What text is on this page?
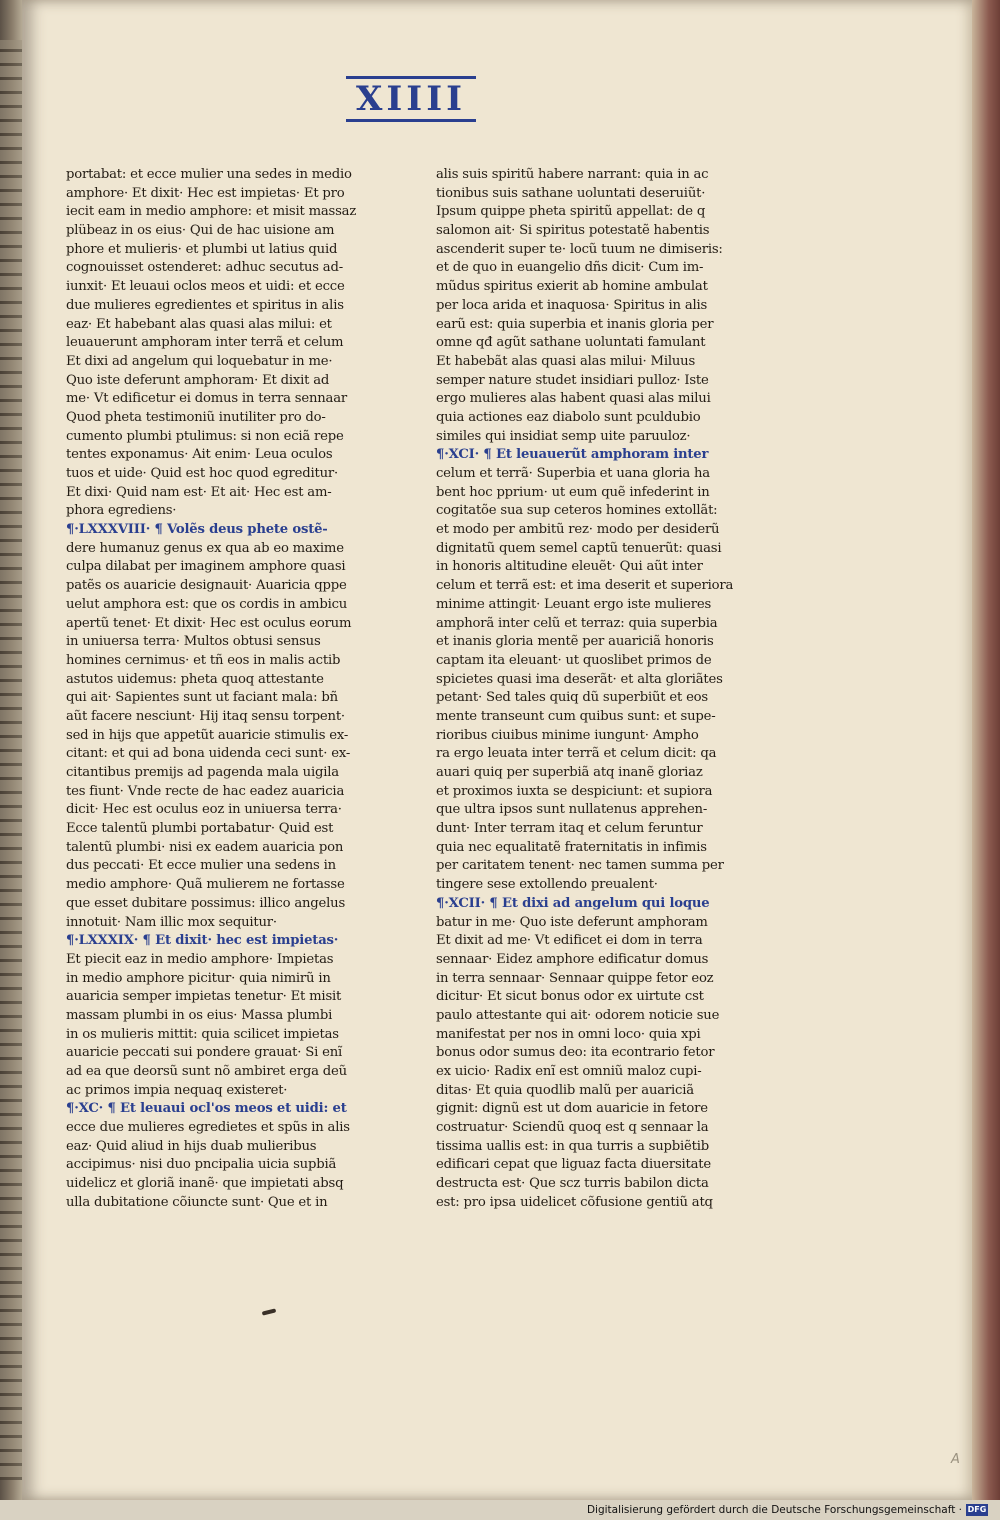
XIIII
portabat: et ecce mulier una sedes in medio
amphore· Et dixit· Hec est impietas· Et pro
iecit eam in medio amphore: et misit massaz
plübeaz in os eius· Qui de hac uisione am
phore et mulieris· et plumbi ut latius quid
cognouisset ostenderet: adhuc secutus ad-
iunxit· Et leuaui oclos meos et uidi: et ecce
due mulieres egredientes et spiritus in alis
eaz· Et habebant alas quasi alas milui: et
leuauerunt amphoram inter terrã et celum
Et dixi ad angelum qui loquebatur in me·
Quo iste deferunt amphoram· Et dixit ad
me· Vt edificetur ei domus in terra sennaar
Quod pheta testimoniũ inutiliter pro do-
cumento plumbi ptulimus: si non eciã repe
tentes exponamus· Ait enim· Leua oculos
tuos et uide· Quid est hoc quod egreditur·
Et dixi· Quid nam est· Et ait· Hec est am-
phora egrediens·
¶·LXXXVIII· ¶ Volẽs deus phete ostẽ-
dere humanuz genus ex qua ab eo maxime
culpa dilabat per imaginem amphore quasi
patẽs os auaricie designauit· Auaricia qppe
uelut amphora est: que os cordis in ambicu
apertũ tenet· Et dixit· Hec est oculus eorum
in uniuersa terra· Multos obtusi sensus
homines cernimus· et tñ eos in malis actib
astutos uidemus: pheta quoq attestante
qui ait· Sapientes sunt ut faciant mala: bñ
aũt facere nesciunt· Hij itaq sensu torpent·
sed in hijs que appetũt auaricie stimulis ex-
citant: et qui ad bona uidenda ceci sunt· ex-
citantibus premijs ad pagenda mala uigila
tes fiunt· Vnde recte de hac eadez auaricia
dicit· Hec est oculus eoz in uniuersa terra·
Ecce talentũ plumbi portabatur· Quid est
talentũ plumbi· nisi ex eadem auaricia pon
dus peccati· Et ecce mulier una sedens in
medio amphore· Quã mulierem ne fortasse
que esset dubitare possimus: illico angelus
innotuit· Nam illic mox sequitur·
¶·LXXXIX· ¶ Et dixit· hec est impietas·
Et piecit eaz in medio amphore· Impietas
in medio amphore picitur· quia nimirũ in
auaricia semper impietas tenetur· Et misit
massam plumbi in os eius· Massa plumbi
in os mulieris mittit: quia scilicet impietas
auaricie peccati sui pondere grauat· Si enĩ
ad ea que deorsũ sunt nõ ambiret erga deũ
ac primos impia nequaq existeret·
¶·XC· ¶ Et leuaui ocl'os meos et uidi: et
ecce due mulieres egredietes et spũs in alis
eaz· Quid aliud in hijs duab mulieribus
accipimus· nisi duo pncipalia uicia supbiã
uidelicz et gloriã inanẽ· que impietati absq
ulla dubitatione cõiuncte sunt· Que et in
alis suis spiritũ habere narrant: quia in ac
tionibus suis sathane uoluntati deseruiũt·
Ipsum quippe pheta spiritũ appellat: de q
salomon ait· Si spiritus potestatẽ habentis
ascenderit super te· locũ tuum ne dimiseris:
et de quo in euangelio dñs dicit· Cum im-
mũdus spiritus exierit ab homine ambulat
per loca arida et inaquosa· Spiritus in alis
earũ est: quia superbia et inanis gloria per
omne qđ agũt sathane uoluntati famulant
Et habebãt alas quasi alas milui· Miluus
semper nature studet insidiari pulloz· Iste
ergo mulieres alas habent quasi alas milui
quia actiones eaz diabolo sunt pculdubio
similes qui insidiat semp uite paruuloz·
¶·XCI· ¶ Et leuauerũt amphoram inter
celum et terrã· Superbia et uana gloria ha
bent hoc pprium· ut eum quẽ infederint in
cogitatõe sua sup ceteros homines extollãt:
et modo per ambitũ rez· modo per desiderũ
dignitatũ quem semel captũ tenuerũt: quasi
in honoris altitudine eleuẽt· Qui aũt inter
celum et terrã est: et ima deserit et superiora
minime attingit· Leuant ergo iste mulieres
amphorã inter celũ et terraz: quia superbia
et inanis gloria mentẽ per auariciã honoris
captam ita eleuant· ut quoslibet primos de
spicietes quasi ima deserãt· et alta gloriãtes
petant· Sed tales quiq dũ superbiũt et eos
mente transeunt cum quibus sunt: et supe-
rioribus ciuibus minime iungunt· Ampho
ra ergo leuata inter terrã et celum dicit: qa
auari quiq per superbiã atq inanẽ gloriaz
et proximos iuxta se despiciunt: et supiora
que ultra ipsos sunt nullatenus apprehen-
dunt· Inter terram itaq et celum feruntur
quia nec equalitatẽ fraternitatis in infimis
per caritatem tenent· nec tamen summa per
tingere sese extollendo preualent·
¶·XCII· ¶ Et dixi ad angelum qui loque
batur in me· Quo iste deferunt amphoram
Et dixit ad me· Vt edificet ei dom in terra
sennaar· Eidez amphore edificatur domus
in terra sennaar· Sennaar quippe fetor eoz
dicitur· Et sicut bonus odor ex uirtute cst
paulo attestante qui ait· odorem noticie sue
manifestat per nos in omni loco· quia xpi
bonus odor sumus deo: ita econtrario fetor
ex uicio· Radix enĩ est omniũ maloz cupi-
ditas· Et quia quodlib malũ per auariciã
gignit: dignũ est ut dom auaricie in fetore
costruatur· Sciendũ quoq est q sennaar la
tissima uallis est: in qua turris a supbiẽtib
edificari cepat que liguaz facta diuersitate
destructa est· Que scz turris babilon dicta
est: pro ipsa uidelicet cõfusione gentiũ atq
A
Digitalisierung gefördert durch die Deutsche Forschungsgemeinschaft · DFG
